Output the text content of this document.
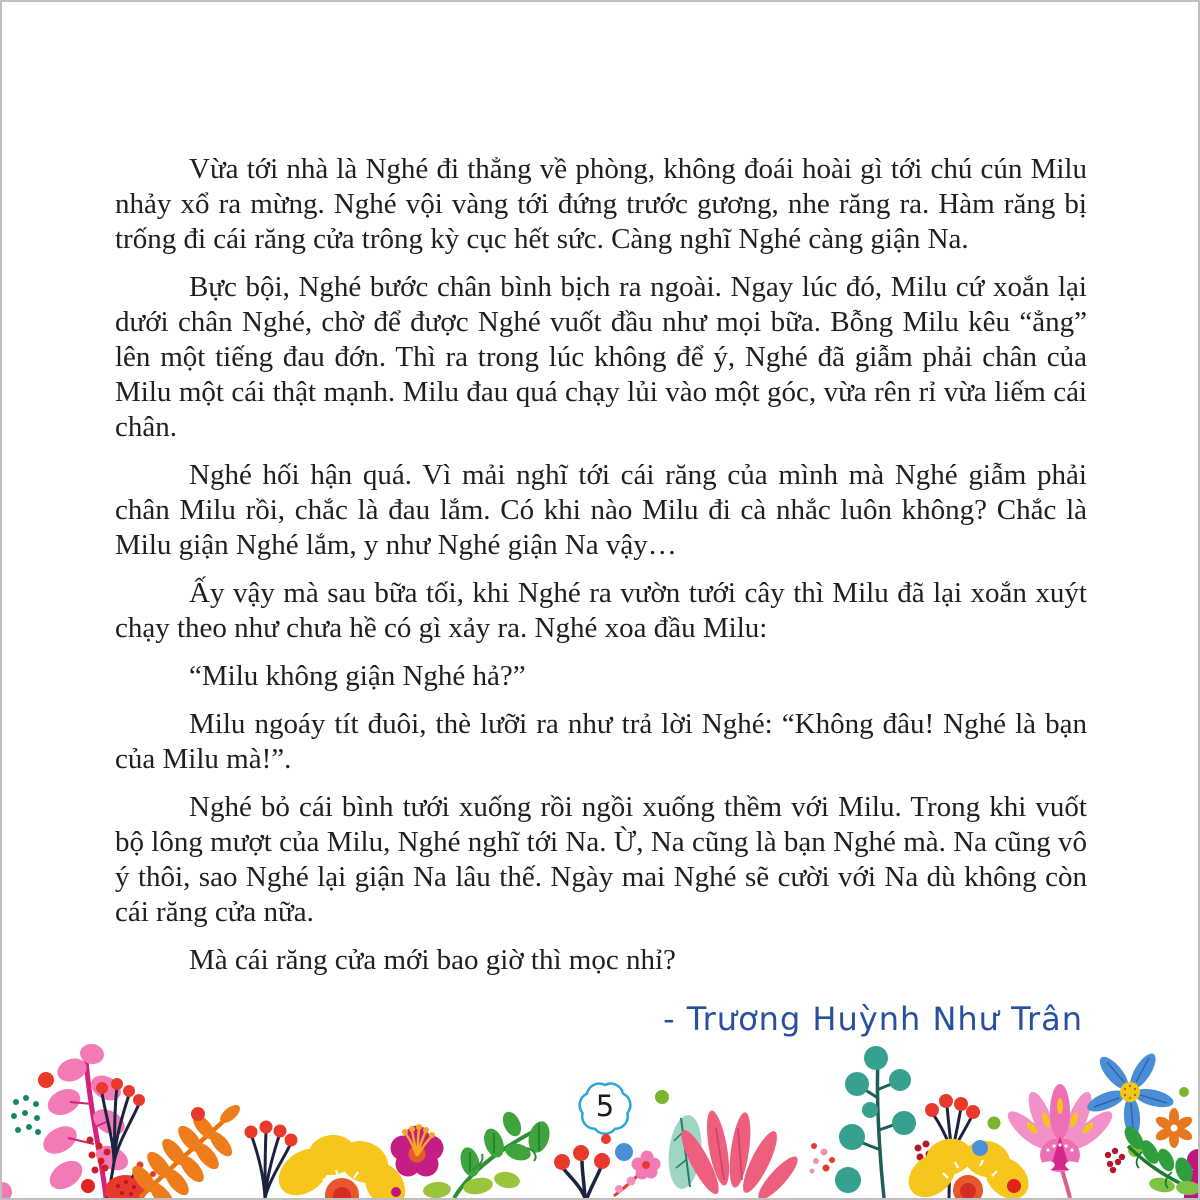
Vừa tới nhà là Nghé đi thẳng về phòng, không đoái hoài gì tới chú cún Milu nhảy xổ ra mừng. Nghé vội vàng tới đứng trước gương, nhe răng ra. Hàm răng bị trống đi cái răng cửa trông kỳ cục hết sức. Càng nghĩ Nghé càng giận Na.

Bực bội, Nghé bước chân bình bịch ra ngoài. Ngay lúc đó, Milu cứ xoắn lại dưới chân Nghé, chờ để được Nghé vuốt đầu như mọi bữa. Bỗng Milu kêu “ẳng” lên một tiếng đau đớn. Thì ra trong lúc không để ý, Nghé đã giẫm phải chân của Milu một cái thật mạnh. Milu đau quá chạy lủi vào một góc, vừa rên rỉ vừa liếm cái chân.

Nghé hối hận quá. Vì mải nghĩ tới cái răng của mình mà Nghé giẫm phải chân Milu rồi, chắc là đau lắm. Có khi nào Milu đi cà nhắc luôn không? Chắc là Milu giận Nghé lắm, y như Nghé giận Na vậy…

Ấy vậy mà sau bữa tối, khi Nghé ra vườn tưới cây thì Milu đã lại xoắn xuýt chạy theo như chưa hề có gì xảy ra. Nghé xoa đầu Milu:

“Milu không giận Nghé hả?”

Milu ngoáy tít đuôi, thè lưỡi ra như trả lời Nghé: “Không đâu! Nghé là bạn của Milu mà!”.

Nghé bỏ cái bình tưới xuống rồi ngồi xuống thềm với Milu. Trong khi vuốt bộ lông mượt của Milu, Nghé nghĩ tới Na. Ừ, Na cũng là bạn Nghé mà. Na cũng vô ý thôi, sao Nghé lại giận Na lâu thế. Ngày mai Nghé sẽ cười với Na dù không còn cái răng cửa nữa.

Mà cái răng cửa mới bao giờ thì mọc nhỉ?

- Trương Huỳnh Như Trân
5
